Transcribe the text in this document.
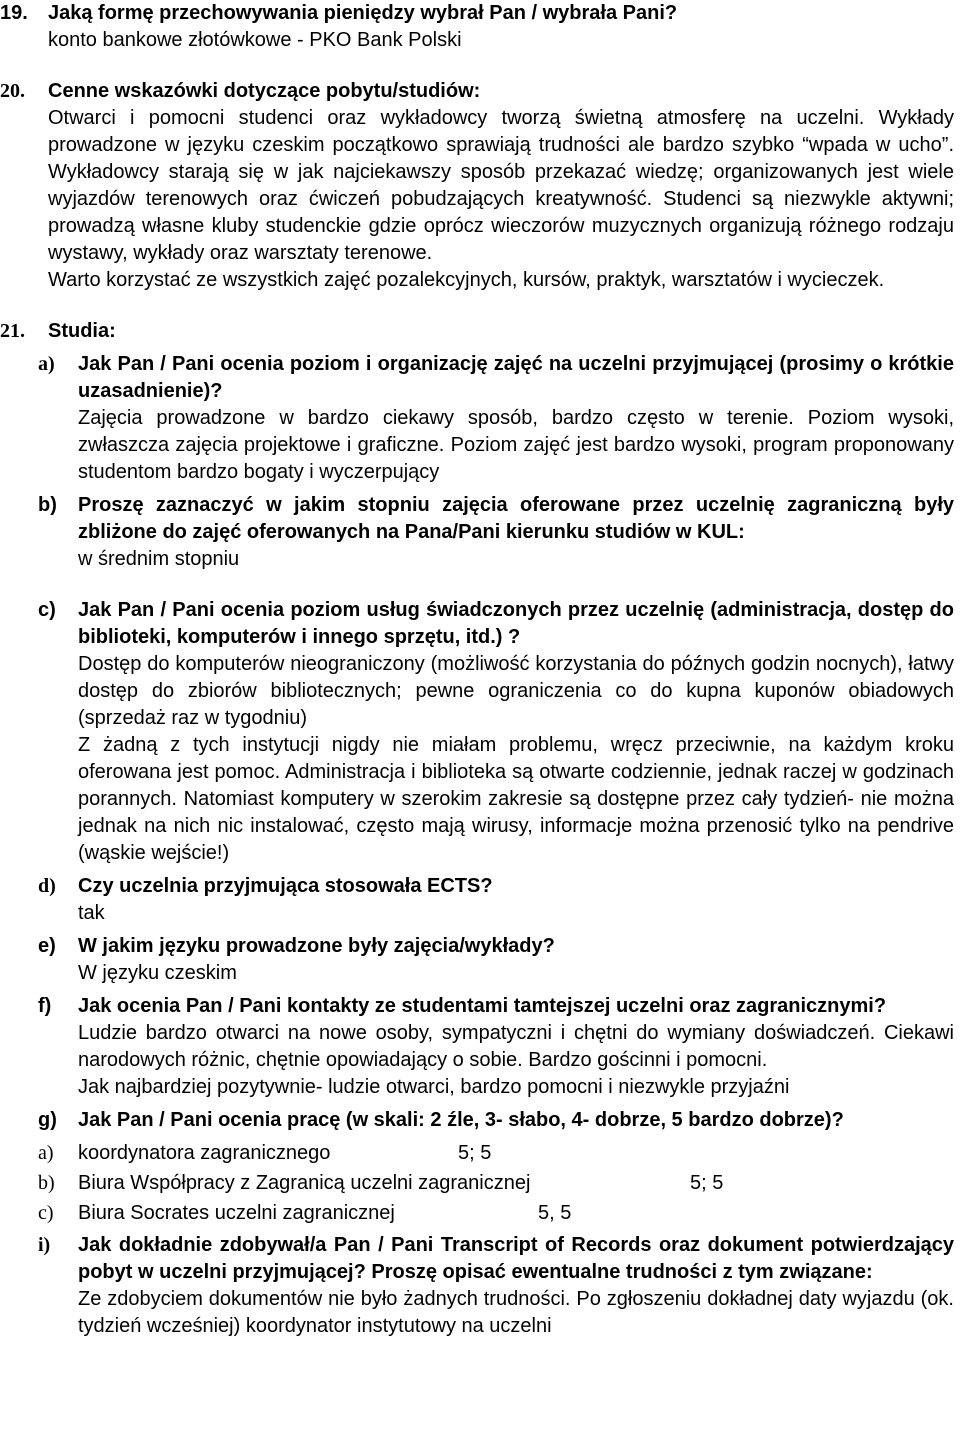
19. Jaką formę przechowywania pieniędzy wybrał Pan / wybrała Pani?
konto bankowe złotówkowe - PKO Bank Polski
20. Cenne wskazówki dotyczące pobytu/studiów:
Otwarci i pomocni studenci oraz wykładowcy tworzą świetną atmosferę na uczelni. Wykłady prowadzone w języku czeskim początkowo sprawiają trudności ale bardzo szybko “wpada w ucho”. Wykładowcy starają się w jak najciekawszy sposób przekazać wiedzę; organizowanych jest wiele wyjazdów terenowych oraz ćwiczeń pobudzających kreatywność. Studenci są niezwykle aktywni; prowadzą własne kluby studenckie gdzie oprócz wieczorów muzycznych organizują różnego rodzaju wystawy, wykłady oraz warsztaty terenowe.
Warto korzystać ze wszystkich zajęć pozalekcyjnych, kursów, praktyk, warsztatów i wycieczek.
21. Studia:
a) Jak Pan / Pani ocenia poziom i organizację zajęć na uczelni przyjmującej (prosimy o krótkie uzasadnienie)?
Zajęcia prowadzone w bardzo ciekawy sposób, bardzo często w terenie. Poziom wysoki, zwłaszcza zajęcia projektowe i graficzne. Poziom zajęć jest bardzo wysoki, program proponowany studentom bardzo bogaty i wyczerpujący
b) Proszę zaznaczyć w jakim stopniu zajęcia oferowane przez uczelnię zagraniczną były zbliżone do zajęć oferowanych na Pana/Pani kierunku studiów w KUL:
w średnim stopniu
c) Jak Pan / Pani ocenia poziom usług świadczonych przez uczelnię (administracja, dostęp do biblioteki, komputerów i innego sprzętu, itd.) ?
Dostęp do komputerów nieograniczony (możliwość korzystania do późnych godzin nocnych), łatwy dostęp do zbiorów bibliotecznych; pewne ograniczenia co do kupna kuponów obiadowych (sprzedaż raz w tygodniu)
Z żadną z tych instytucji nigdy nie miałam problemu, wręcz przeciwnie, na każdym kroku oferowana jest pomoc. Administracja i biblioteka są otwarte codziennie, jednak raczej w godzinach porannych. Natomiast komputery w szerokim zakresie są dostępne przez cały tydzień- nie można jednak na nich nic instalować, często mają wirusy, informacje można przenosić tylko na pendrive (wąskie wejście!)
d) Czy uczelnia przyjmująca stosowała ECTS?
tak
e) W jakim języku prowadzone były zajęcia/wykłady?
W języku czeskim
f) Jak ocenia Pan / Pani kontakty ze studentami tamtejszej uczelni oraz zagranicznymi?
Ludzie bardzo otwarci na nowe osoby, sympatyczni i chętni do wymiany doświadczeń. Ciekawi narodowych różnic, chętnie opowiadający o sobie. Bardzo gościnni i pomocni.
Jak najbardziej pozytywnie- ludzie otwarci, bardzo pomocni i niezwykle przyjaźni
g) Jak Pan / Pani ocenia pracę (w skali: 2 źle, 3- słabo, 4- dobrze, 5 bardzo dobrze)?
a) koordynatora zagranicznego	5; 5
b) Biura Współpracy z Zagranicą uczelni zagranicznej	5; 5
c) Biura Socrates uczelni zagranicznej	5, 5
i) Jak dokładnie zdobywał/a Pan / Pani Transcript of Records oraz dokument potwierdzający pobyt w uczelni przyjmującej? Proszę opisać ewentualne trudności z tym związane:
Ze zdobyciem dokumentów nie było żadnych trudności. Po zgłoszeniu dokładnej daty wyjazdu (ok. tydzień wcześniej) koordynator instytutowy na uczelni
